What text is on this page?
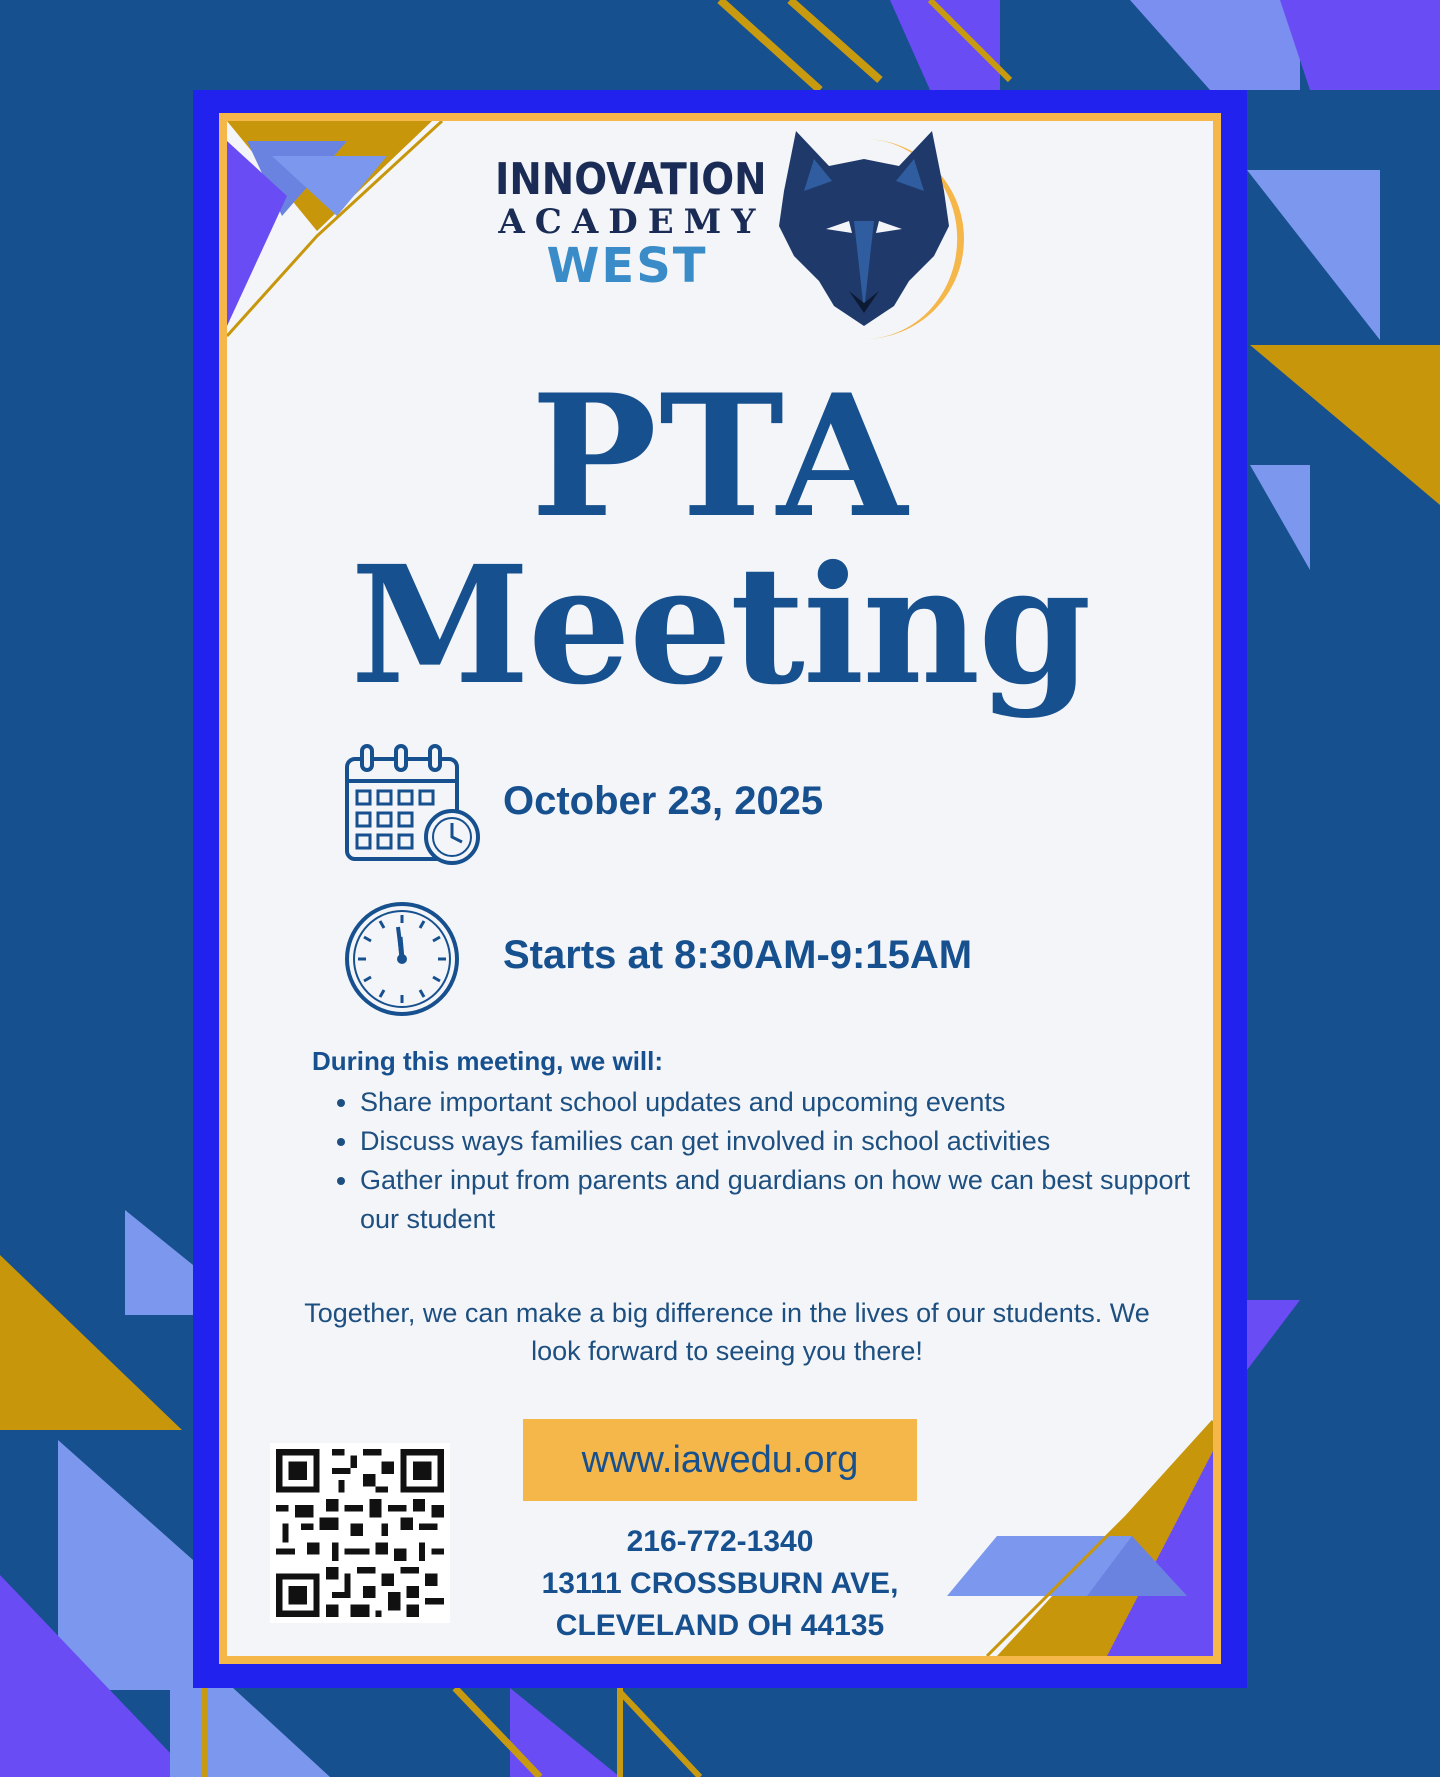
INNOVATION
ACADEMY
WEST
PTA
Meeting
October 23, 2025
Starts at 8:30AM-9:15AM
During this meeting, we will:
• Share important school updates and upcoming events
• Discuss ways families can get involved in school activities
• Gather input from parents and guardians on how we can best support our student
Together, we can make a big difference in the lives of our students. We look forward to seeing you there!
www.iawedu.org
216-772-1340
13111 CROSSBURN AVE,
CLEVELAND OH 44135
